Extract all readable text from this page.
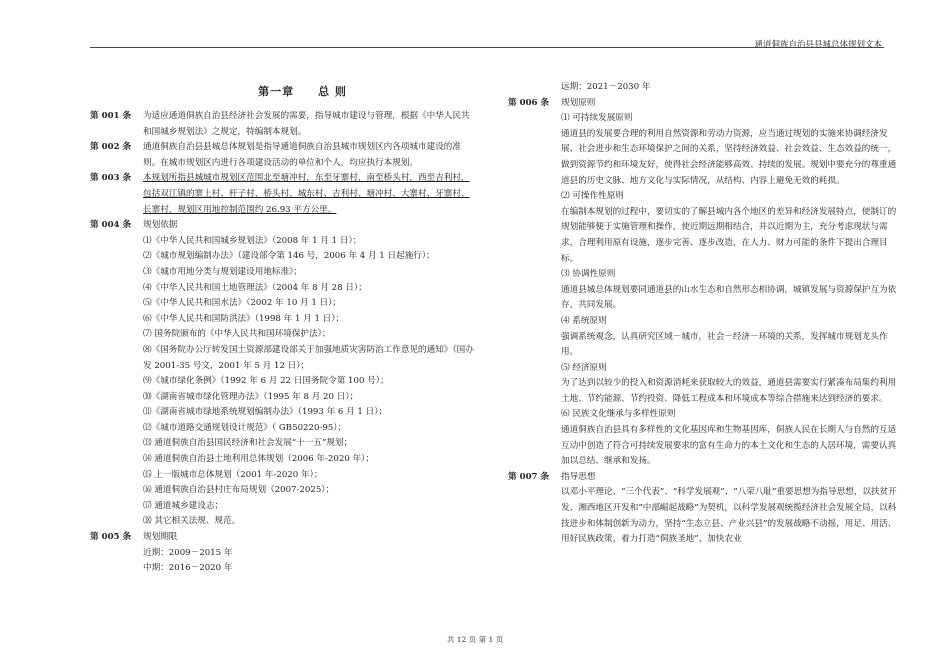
通道侗族自治县县城总体规划文本
第一章　　总 则
第 001 条 为适应通道侗族自治县经济社会发展的需要，指导城市建设与管理，根据《中华人民共和国城乡规划法》之规定，特编制本规划。
第 002 条 通道侗族自治县县城总体规划是指导通道侗族自治县城市规划区内各项城市建设的准则。在城市规划区内进行各项建设活动的单位和个人，均应执行本规划。
第 003 条 本规划所指县城城市规划区范围北至塘冲村，东至牙寨村，南至桥头村，西至吉利村，包括双江镇的寨上村、杆子村、桥头村、城东村、吉利村、塘冲村、大寨村、牙寨村、长寨村，规划区用地控制范围约 26.93 平方公里。
第 004 条 规划依据
⑴《中华人民共和国城乡规划法》（2008 年 1 月 1 日）；
⑵《城市规划编制办法》（建设部令第 146 号，2006 年 4 月 1 日起施行）；
⑶《城市用地分类与规划建设用地标准》；
⑷《中华人民共和国土地管理法》（2004 年 8 月 28 日）；
⑸《中华人民共和国水法》（2002 年 10 月 1 日）；
⑹《中华人民共和国防洪法》（1998 年 1 月 1 日）；
⑺ 国务院颁布的《中华人民共和国环境保护法》；
⑻《国务院办公厅转发国土资源部建设部关于加强地质灾害防治工作意见的通知》（国办发 2001-35 号文，2001 年 5 月 12 日）；
⑼《城市绿化条例》（1992 年 6 月 22 日国务院令第 100 号）；
⑽《湖南省城市绿化管理办法》（1995 年 8 月 20 日）；
⑾《湖南省城市绿地系统规划编制办法》（1993 年 6 月 1 日）；
⑿《城市道路交通规划设计规范》（ GB50220-95）；
⒀ 通道侗族自治县国民经济和社会发展“十一五”规划；
⒁ 通道侗族自治县土地利用总体规划（2006 年-2020 年）；
⒂ 上一版城市总体规划（2001 年-2020 年）；
⒃ 通道侗族自治县村庄布局规划（2007-2025）；
⒄ 通道城乡建设志；
⒅ 其它相关法规、规范。
第 005 条 规划期限
近期：2009－2015 年
中期：2016－2020 年
远期：2021－2030 年
第 006 条 规划原则
⑴ 可持续发展原则
通道县的发展要合理的利用自然资源和劳动力资源，应当通过规划的实施来协调经济发展、社会进步和生态环境保护之间的关系，坚持经济效益、社会效益、生态效益的统一，做到资源节约和环境友好，使得社会经济能够高效、持续的发展。规划中要充分的尊重通道县的历史文脉、地方文化与实际情况，从结构、内容上避免无效的耗损。
⑵ 可操作性原则
在编制本规划的过程中，要切实的了解县城内各个地区的差异和经济发展特点，使制订的规划能够便于实施管理和操作，使近期远期相结合，并以近期为主，充分考虑现状与需求，合理利用原有设施，逐步完善、逐步改造，在人力、财力可能的条件下提出合理目标。
⑶ 协调性原则
通道县城总体规划要同通道县的山水生态和自然形态相协调，城镇发展与资源保护互为依存，共同发展。
⑷ 系统原则
强调系统观念，认真研究区域－城市，社会－经济－环境的关系，发挥城市规划龙头作用。
⑸ 经济原则
为了达到以较少的投入和资源消耗来获取较大的效益，通道县需要实行紧凑布局集约利用土地、节约能源、节约投资、降低工程成本和环境成本等综合措施来达到经济的要求。
⑹ 民族文化继承与多样性原则
通道侗族自治县具有多样性的文化基因库和生物基因库，侗族人民在长期人与自然的互适互动中创造了符合可持续发展要求的富有生命力的本土文化和生态的人居环境，需要认真加以总结、继承和发扬。
第 007 条 指导思想
以邓小平理论、“三个代表”、“科学发展观”、“八荣八耻”重要思想为指导思想，以扶贫开发、湘西地区开发和“中部崛起战略”为契机，以科学发展观统揽经济社会发展全局，以科技进步和体制创新为动力，坚持“生态立县、产业兴县”的发展战略不动摇，用足、用活、用好民族政策，着力打造“侗族圣地”，加快农业
共 12 页 第 1 页
